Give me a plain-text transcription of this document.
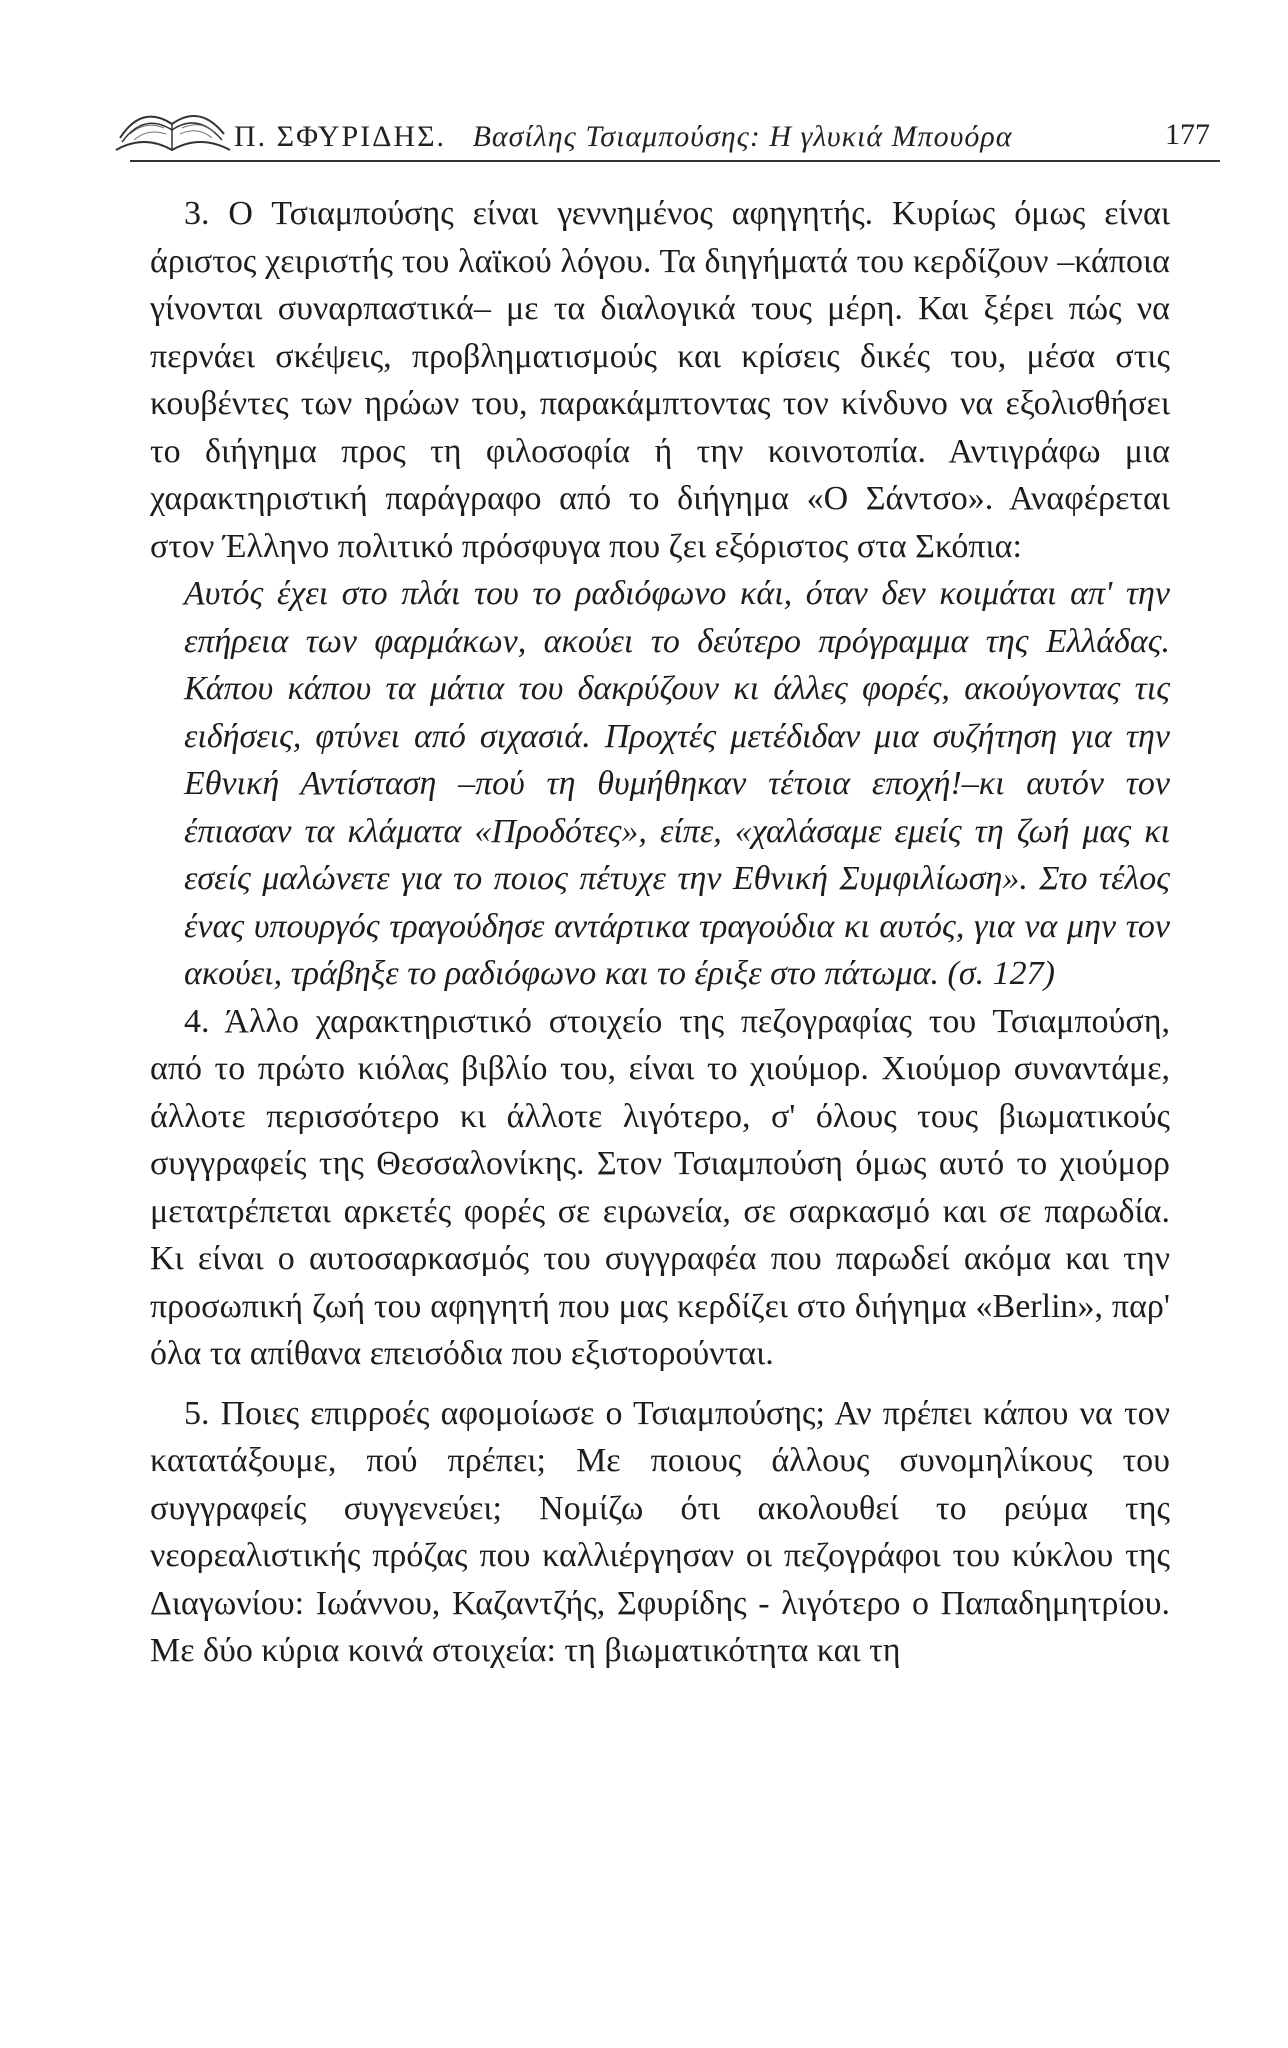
Π. ΣΦΥΡΙΔΗΣ. Βασίλης Τσιαμπούσης: Η γλυκιά Μπουόρα	177

3. Ο Τσιαμπούσης είναι γεννημένος αφηγητής. Κυρίως όμως είναι άριστος χειριστής του λαϊκού λόγου. Τα διηγήματά του κερδίζουν –κάποια γίνονται συναρπαστικά– με τα διαλογικά τους μέρη. Και ξέρει πώς να περνάει σκέψεις, προβληματισμούς και κρίσεις δικές του, μέσα στις κουβέντες των ηρώων του, παρακάμπτοντας τον κίνδυνο να εξολισθήσει το διήγημα προς τη φιλοσοφία ή την κοινοτοπία. Αντιγράφω μια χαρακτηριστική παράγραφο από το διήγημα «Ο Σάντσο». Αναφέρεται στον Έλληνο πολιτικό πρόσφυγα που ζει εξόριστος στα Σκόπια:

Αυτός έχει στο πλάι του το ραδιόφωνο κάι, όταν δεν κοιμάται απ' την επήρεια των φαρμάκων, ακούει το δεύτερο πρόγραμμα της Ελλάδας. Κάπου κάπου τα μάτια του δακρύζουν κι άλλες φορές, ακούγοντας τις ειδήσεις, φτύνει από σιχασιά. Προχτές μετέδιδαν μια συζήτηση για την Εθνική Αντίσταση –πού τη θυμήθηκαν τέτοια εποχή!–κι αυτόν τον έπιασαν τα κλάματα «Προδότες», είπε, «χαλάσαμε εμείς τη ζωή μας κι εσείς μαλώνετε για το ποιος πέτυχε την Εθνική Συμφιλίωση». Στο τέλος ένας υπουργός τραγούδησε αντάρτικα τραγούδια κι αυτός, για να μην τον ακούει, τράβηξε το ραδιόφωνο και το έριξε στο πάτωμα. (σ. 127)

4. Άλλο χαρακτηριστικό στοιχείο της πεζογραφίας του Τσιαμπούση, από το πρώτο κιόλας βιβλίο του, είναι το χιούμορ. Χιούμορ συναντάμε, άλλοτε περισσότερο κι άλλοτε λιγότερο, σ' όλους τους βιωματικούς συγγραφείς της Θεσσαλονίκης. Στον Τσιαμπούση όμως αυτό το χιούμορ μετατρέπεται αρκετές φορές σε ειρωνεία, σε σαρκασμό και σε παρωδία. Κι είναι ο αυτοσαρκασμός του συγγραφέα που παρωδεί ακόμα και την προσωπική ζωή του αφηγητή που μας κερδίζει στο διήγημα «Berlin», παρ' όλα τα απίθανα επεισόδια που εξιστορούνται.

5. Ποιες επιρροές αφομοίωσε ο Τσιαμπούσης; Αν πρέπει κάπου να τον κατατάξουμε, πού πρέπει; Με ποιους άλλους συνομηλίκους του συγγραφείς συγγενεύει; Νομίζω ότι ακολουθεί το ρεύμα της νεορεαλιστικής πρόζας που καλλιέργησαν οι πεζογράφοι του κύκλου της Διαγωνίου: Ιωάννου, Καζαντζής, Σφυρίδης - λιγότερο ο Παπαδημητρίου. Με δύο κύρια κοινά στοιχεία: τη βιωματικότητα και τη
